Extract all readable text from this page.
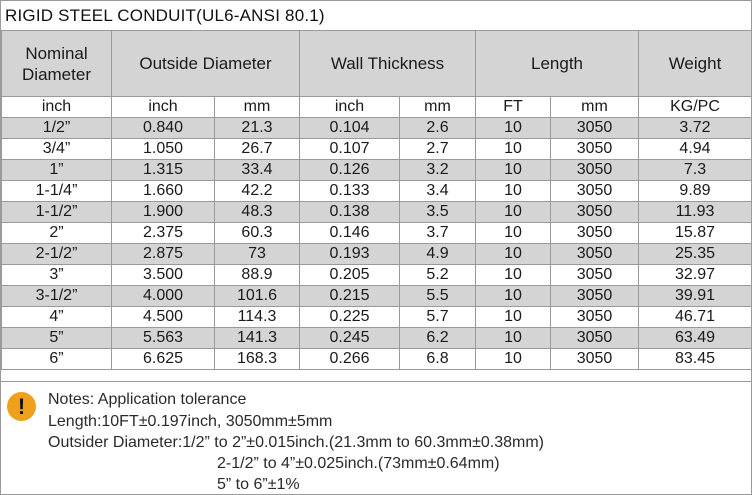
RIGID STEEL CONDUIT(UL6-ANSI 80.1)
Nominal
Diameter	Outside Diameter		Wall Thickness		Length		Weight
inch	inch	mm	inch	mm	FT	mm	KG/PC
1/2”	0.840	21.3	0.104	2.6	10	3050	3.72
3/4”	1.050	26.7	0.107	2.7	10	3050	4.94
1”	1.315	33.4	0.126	3.2	10	3050	7.3
1-1/4”	1.660	42.2	0.133	3.4	10	3050	9.89
1-1/2”	1.900	48.3	0.138	3.5	10	3050	11.93
2”	2.375	60.3	0.146	3.7	10	3050	15.87
2-1/2”	2.875	73	0.193	4.9	10	3050	25.35
3”	3.500	88.9	0.205	5.2	10	3050	32.97
3-1/2”	4.000	101.6	0.215	5.5	10	3050	39.91
4”	4.500	114.3	0.225	5.7	10	3050	46.71
5”	5.563	141.3	0.245	6.2	10	3050	63.49
6”	6.625	168.3	0.266	6.8	10	3050	83.45
!	Notes: Application tolerance
Length:10FT±0.197inch, 3050mm±5mm
Outsider Diameter:1/2” to 2”±0.015inch.(21.3mm to 60.3mm±0.38mm)
2-1/2” to 4”±0.025inch.(73mm±0.64mm)
5” to 6”±1%
